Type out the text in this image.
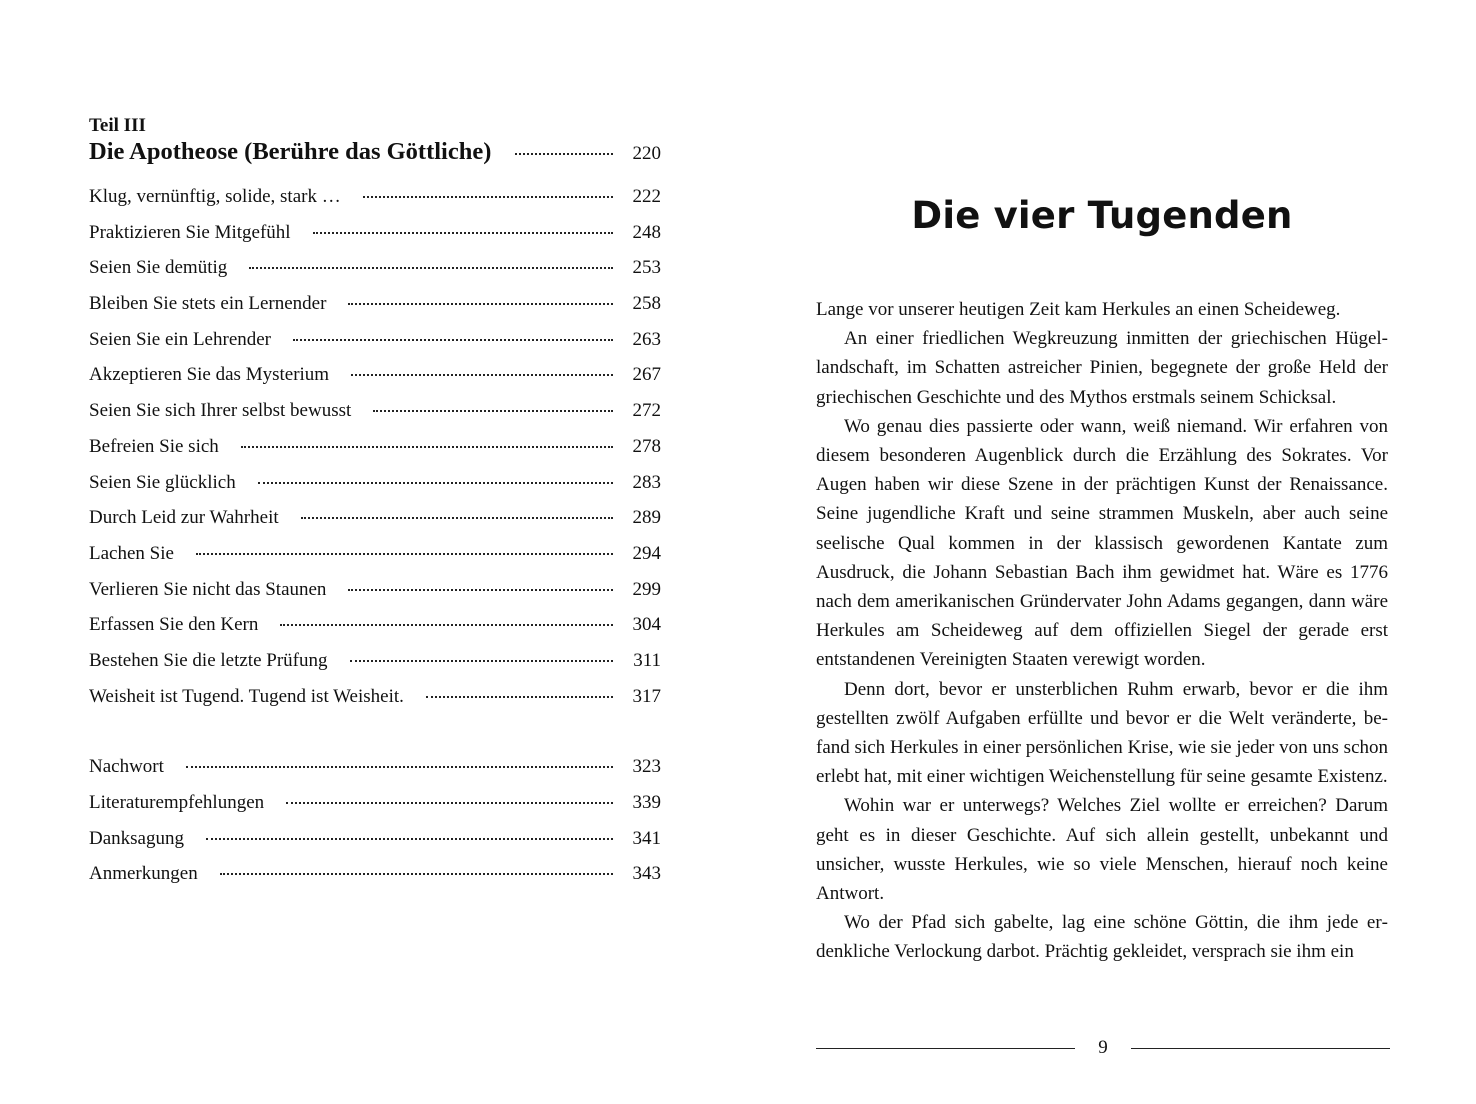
Teil III
Die Apotheose (Berühre das Göttliche)	220
Klug, vernünftig, solide, stark …	222
Praktizieren Sie Mitgefühl	248
Seien Sie demütig	253
Bleiben Sie stets ein Lernender	258
Seien Sie ein Lehrender	263
Akzeptieren Sie das Mysterium	267
Seien Sie sich Ihrer selbst bewusst	272
Befreien Sie sich	278
Seien Sie glücklich	283
Durch Leid zur Wahrheit	289
Lachen Sie	294
Verlieren Sie nicht das Staunen	299
Erfassen Sie den Kern	304
Bestehen Sie die letzte Prüfung	311
Weisheit ist Tugend. Tugend ist Weisheit.	317
Nachwort	323
Literaturempfehlungen	339
Danksagung	341
Anmerkungen	343
Die vier Tugenden

Lange vor unserer heutigen Zeit kam Herkules an einen Scheideweg.

An einer friedlichen Wegkreuzung inmitten der griechischen Hügellandschaft, im Schatten astreicher Pinien, begegnete der große Held der griechischen Geschichte und des Mythos erstmals seinem Schicksal.

Wo genau dies passierte oder wann, weiß niemand. Wir erfahren von diesem besonderen Augenblick durch die Erzählung des Sokrates. Vor Augen haben wir diese Szene in der prächtigen Kunst der Renaissance. Seine jugendliche Kraft und seine strammen Muskeln, aber auch seine seelische Qual kommen in der klassisch gewordenen Kantate zum Ausdruck, die Johann Sebastian Bach ihm gewidmet hat. Wäre es 1776 nach dem amerikanischen Gründervater John Adams gegangen, dann wäre Herkules am Scheideweg auf dem offiziellen Siegel der gerade erst entstandenen Vereinigten Staaten verewigt worden.

Denn dort, bevor er unsterblichen Ruhm erwarb, bevor er die ihm gestellten zwölf Aufgaben erfüllte und bevor er die Welt veränderte, befand sich Herkules in einer persönlichen Krise, wie sie jeder von uns schon erlebt hat, mit einer wichtigen Weichenstellung für seine gesamte Existenz.

Wohin war er unterwegs? Welches Ziel wollte er erreichen? Darum geht es in dieser Geschichte. Auf sich allein gestellt, unbekannt und unsicher, wusste Herkules, wie so viele Menschen, hierauf noch keine Antwort.

Wo der Pfad sich gabelte, lag eine schöne Göttin, die ihm jede erdenkliche Verlockung darbot. Prächtig gekleidet, versprach sie ihm ein

9
